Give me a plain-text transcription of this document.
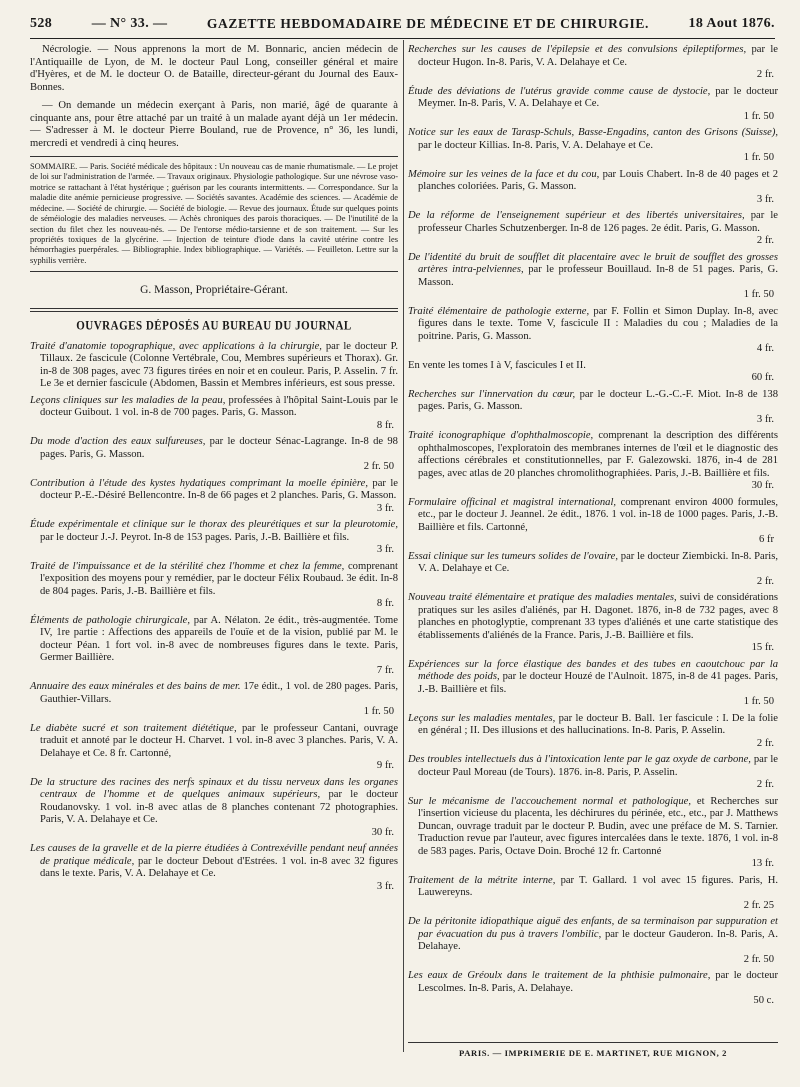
528	— N° 33. —	GAZETTE HEBDOMADAIRE DE MÉDECINE ET DE CHIRURGIE.	18 Aout 1876.

Nécrologie. — Nous apprenons la mort de M. Bonnaric, ancien médecin de l'Antiquaille de Lyon, de M. le docteur Paul Long, conseiller général et maire d'Hyères, et de M. le docteur O. de Bataille, directeur-gérant du Journal des Eaux-Bonnes.

— On demande un médecin exerçant à Paris, non marié, âgé de quarante à cinquante ans, pour être attaché par un traité à un malade ayant déjà un 1er médecin. — S'adresser à M. le docteur Pierre Bouland, rue de Provence, n° 36, les lundi, mercredi et vendredi à cinq heures.

SOMMAIRE. — Paris. Société médicale des hôpitaux : Un nouveau cas de manie rhumatismale. — Le projet de loi sur l'administration de l'armée. — Travaux originaux. Physiologie pathologique. Sur une névrose vaso-motrice se rattachant à l'état hystérique ; guérison par les courants intermittents. — Correspondance. Sur la maladie dite anémie pernicieuse progressive. — Sociétés savantes. Académie des sciences. — Académie de médecine. — Société de chirurgie. — Société de biologie. — Revue des journaux. Étude sur quelques points de séméiologie des maladies nerveuses. — Achès chroniques des parois thoraciques. — De l'inutilité de la section du filet chez les nouveau-nés. — De l'entorse médio-tarsienne et de son traitement. — Sur les propriétés toxiques de la glycérine. — Injection de teinture d'iode dans la cavité utérine contre les hémorrhagies puerpérales. — Bibliographie. Index bibliographique. — Variétés. — Feuilleton. Lettre sur la syphilis verrière.

G. Masson, Propriétaire-Gérant.

OUVRAGES DÉPOSÉS AU BUREAU DU JOURNAL

Traité d'anatomie topographique, avec applications à la chirurgie, par le docteur P. Tillaux. 2e fascicule (Colonne Vertébrale, Cou, Membres supérieurs et Thorax). Gr. in-8 de 308 pages, avec 73 figures tirées en noir et en couleur. Paris, P. Asselin. 7 fr. Le 3e et dernier fascicule (Abdomen, Bassin et Membres inférieurs, est sous presse.

Leçons cliniques sur les maladies de la peau, professées à l'hôpital Saint-Louis par le docteur Guibout. 1 vol. in-8 de 700 pages. Paris, G. Masson.
8 fr.

Du mode d'action des eaux sulfureuses, par le docteur Sénac-Lagrange. In-8 de 98 pages. Paris, G. Masson.
2 fr. 50

Contribution à l'étude des kystes hydatiques comprimant la moelle épinière, par le docteur P.-E.-Désiré Bellencontre. In-8 de 66 pages et 2 planches. Paris, G. Masson.
3 fr.

Étude expérimentale et clinique sur le thorax des pleurétiques et sur la pleurotomie, par le docteur J.-J. Peyrot. In-8 de 153 pages. Paris, J.-B. Baillière et fils.
3 fr.

Traité de l'impuissance et de la stérilité chez l'homme et chez la femme, comprenant l'exposition des moyens pour y remédier, par le docteur Félix Roubaud. 3e édit. In-8 de 804 pages. Paris, J.-B. Baillière et fils.
8 fr.

Éléments de pathologie chirurgicale, par A. Nélaton. 2e édit., très-augmentée. Tome IV, 1re partie : Affections des appareils de l'ouïe et de la vision, publié par M. le docteur Péan. 1 fort vol. in-8 avec de nombreuses figures dans le texte. Paris, Germer Baillière.
7 fr.

Annuaire des eaux minérales et des bains de mer. 17e édit., 1 vol. de 280 pages. Paris, Gauthier-Villars.
1 fr. 50

Le diabète sucré et son traitement diététique, par le professeur Cantani, ouvrage traduit et annoté par le docteur H. Charvet. 1 vol. in-8 avec 3 planches. Paris, V. A. Delahaye et Ce. 8 fr. Cartonné,
9 fr.

De la structure des racines des nerfs spinaux et du tissu nerveux dans les organes centraux de l'homme et de quelques animaux supérieurs, par le docteur Roudanovsky. 1 vol. in-8 avec atlas de 8 planches contenant 72 photographies. Paris, V. A. Delahaye et Ce.
30 fr.

Les causes de la gravelle et de la pierre étudiées à Contrexéville pendant neuf années de pratique médicale, par le docteur Debout d'Estrées. 1 vol. in-8 avec 32 figures dans le texte. Paris, V. A. Delahaye et Ce.
3 fr.

Recherches sur les causes de l'épilepsie et des convulsions épileptiformes, par le docteur Hugon. In-8. Paris, V. A. Delahaye et Ce.
2 fr.

Étude des déviations de l'utérus gravide comme cause de dystocie, par le docteur Meymer. In-8. Paris, V. A. Delahaye et Ce.
1 fr. 50

Notice sur les eaux de Tarasp-Schuls, Basse-Engadins, canton des Grisons (Suisse), par le docteur Killias. In-8. Paris, V. A. Delahaye et Ce.
1 fr. 50

Mémoire sur les veines de la face et du cou, par Louis Chabert. In-8 de 40 pages et 2 planches coloriées. Paris, G. Masson.
3 fr.

De la réforme de l'enseignement supérieur et des libertés universitaires, par le professeur Charles Schutzenberger. In-8 de 126 pages. 2e édit. Paris, G. Masson.
2 fr.

De l'identité du bruit de soufflet dit placentaire avec le bruit de soufflet des grosses artères intra-pelviennes, par le professeur Bouillaud. In-8 de 51 pages. Paris, G. Masson.
1 fr. 50

Traité élémentaire de pathologie externe, par F. Follin et Simon Duplay. In-8, avec figures dans le texte. Tome V, fascicule II : Maladies du cou ; Maladies de la poitrine. Paris, G. Masson.
4 fr.

En vente les tomes I à V, fascicules I et II.
60 fr.

Recherches sur l'innervation du cœur, par le docteur L.-G.-C.-F. Miot. In-8 de 138 pages. Paris, G. Masson.
3 fr.

Traité iconographique d'ophthalmoscopie, comprenant la description des différents ophthalmoscopes, l'exploratoin des membranes internes de l'œil et le diagnostic des affections cérébrales et constitutionnelles, par F. Galezowski. 1876, in-4 de 281 pages, avec atlas de 20 planches chromolithographiées. Paris, J.-B. Baillière et fils.
30 fr.

Formulaire officinal et magistral international, comprenant environ 4000 formules, etc., par le docteur J. Jeannel. 2e édit., 1876. 1 vol. in-18 de 1000 pages. Paris, J.-B. Baillière et fils. Cartonné,
6 fr

Essai clinique sur les tumeurs solides de l'ovaire, par le docteur Ziembicki. In-8. Paris, V. A. Delahaye et Ce.
2 fr.

Nouveau traité élémentaire et pratique des maladies mentales, suivi de considérations pratiques sur les asiles d'aliénés, par H. Dagonet. 1876, in-8 de 732 pages, avec 8 planches en photoglyptie, comprenant 33 types d'aliénés et une carte statistique des établissements d'aliénés de la France. Paris, J.-B. Baillière et fils.
15 fr.

Expériences sur la force élastique des bandes et des tubes en caoutchouc par la méthode des poids, par le docteur Houzé de l'Aulnoit. 1875, in-8 de 41 pages. Paris, J.-B. Baillière et fils.
1 fr. 50

Leçons sur les maladies mentales, par le docteur B. Ball. 1er fascicule : I. De la folie en général ; II. Des illusions et des hallucinations. In-8. Paris, P. Asselin.
2 fr.

Des troubles intellectuels dus à l'intoxication lente par le gaz oxyde de carbone, par le docteur Paul Moreau (de Tours). 1876. in-8. Paris, P. Asselin.
2 fr.

Sur le mécanisme de l'accouchement normal et pathologique, et Recherches sur l'insertion vicieuse du placenta, les déchirures du périnée, etc., etc., par J. Matthews Duncan, ouvrage traduit par le docteur P. Budin, avec une préface de M. S. Tarnier. Traduction revue par l'auteur, avec figures intercalées dans le texte. 1876, 1 vol. in-8 de 583 pages. Paris, Octave Doin. Broché 12 fr. Cartonné
13 fr.

Traitement de la métrite interne, par T. Gallard. 1 vol avec 15 figures. Paris, H. Lauwereyns.
2 fr. 25

De la péritonite idiopathique aiguë des enfants, de sa terminaison par suppuration et par évacuation du pus à travers l'ombilic, par le docteur Gauderon. In-8. Paris, A. Delahaye.
2 fr. 50

Les eaux de Gréoulx dans le traitement de la phthisie pulmonaire, par le docteur Lescolmes. In-8. Paris, A. Delahaye.
50 c.

PARIS. — IMPRIMERIE DE E. MARTINET, RUE MIGNON, 2
